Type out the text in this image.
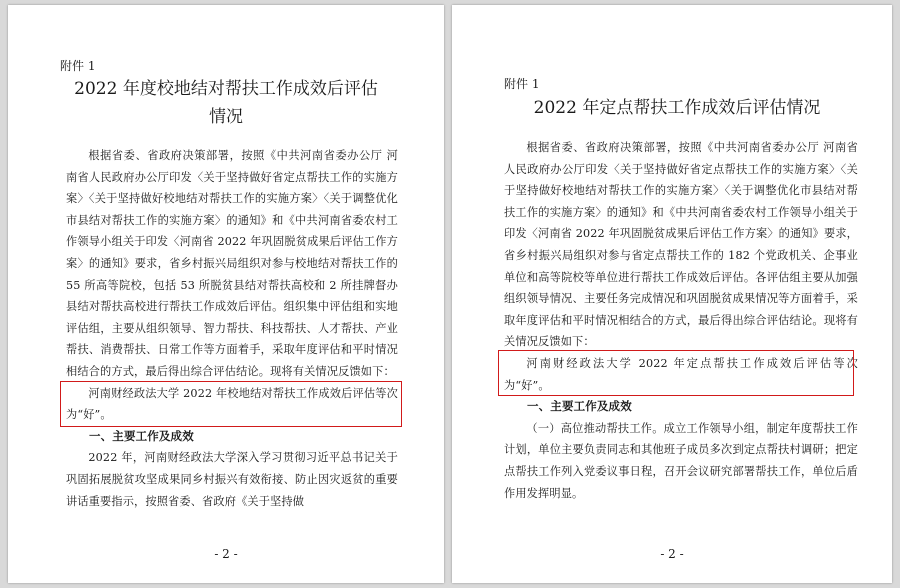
附件 1
2022 年度校地结对帮扶工作成效后评估
情况

根据省委、省政府决策部署，按照《中共河南省委办公厅 河南省人民政府办公厅印发〈关于坚持做好省定点帮扶工作的实施方案〉〈关于坚持做好校地结对帮扶工作的实施方案〉〈关于调整优化市县结对帮扶工作的实施方案〉的通知》和《中共河南省委农村工作领导小组关于印发〈河南省 2022 年巩固脱贫成果后评估工作方案〉的通知》要求，省乡村振兴局组织对参与校地结对帮扶工作的 55 所高等院校，包括 53 所脱贫县结对帮扶高校和 2 所挂牌督办县结对帮扶高校进行帮扶工作成效后评估。组织集中评估组和实地评估组，主要从组织领导、智力帮扶、科技帮扶、人才帮扶、产业帮扶、消费帮扶、日常工作等方面着手，采取年度评估和平时情况相结合的方式，最后得出综合评估结论。现将有关情况反馈如下：

河南财经政法大学 2022 年校地结对帮扶工作成效后评估等次为“好”。

一、主要工作及成效

2022 年，河南财经政法大学深入学习贯彻习近平总书记关于巩固拓展脱贫攻坚成果同乡村振兴有效衔接、防止因灾返贫的重要讲话重要指示，按照省委、省政府《关于坚持做

- 2 -
附件 1
2022 年定点帮扶工作成效后评估情况

根据省委、省政府决策部署，按照《中共河南省委办公厅 河南省人民政府办公厅印发〈关于坚持做好省定点帮扶工作的实施方案〉〈关于坚持做好校地结对帮扶工作的实施方案〉〈关于调整优化市县结对帮扶工作的实施方案〉的通知》和《中共河南省委农村工作领导小组关于印发〈河南省 2022 年巩固脱贫成果后评估工作方案〉的通知》要求，省乡村振兴局组织对参与省定点帮扶工作的 182 个党政机关、企事业单位和高等院校等单位进行帮扶工作成效后评估。各评估组主要从加强组织领导情况、主要任务完成情况和巩固脱贫成果情况等方面着手，采取年度评估和平时情况相结合的方式，最后得出综合评估结论。现将有关情况反馈如下：

河南财经政法大学 2022 年定点帮扶工作成效后评估等次为“好”。

一、主要工作及成效

（一）高位推动帮扶工作。成立工作领导小组，制定年度帮扶工作计划，单位主要负责同志和其他班子成员多次到定点帮扶村调研；把定点帮扶工作列入党委议事日程，召开会议研究部署帮扶工作，单位后盾作用发挥明显。

- 2 -
